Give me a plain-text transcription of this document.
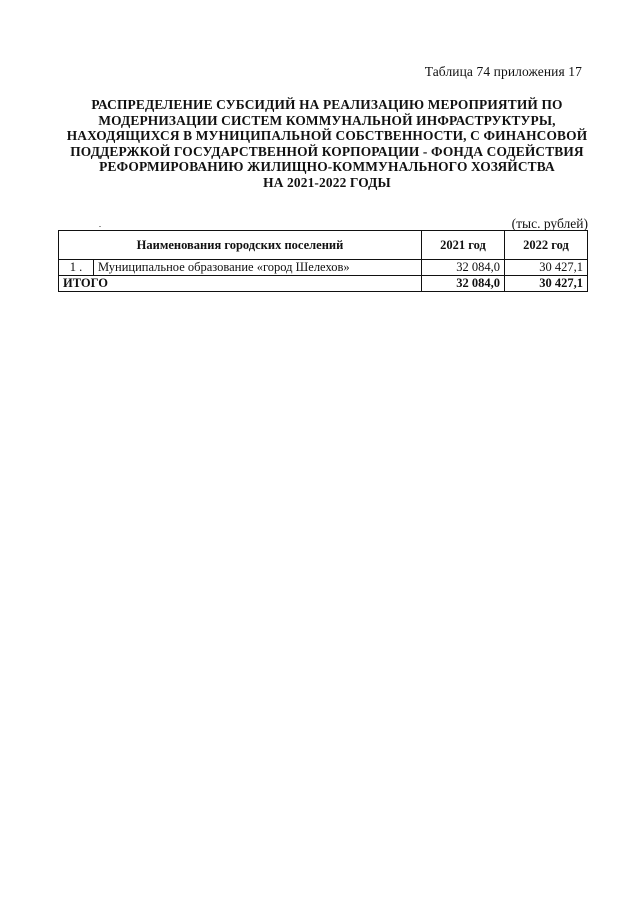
Таблица 74 приложения 17
РАСПРЕДЕЛЕНИЕ СУБСИДИЙ НА РЕАЛИЗАЦИЮ МЕРОПРИЯТИЙ ПО
МОДЕРНИЗАЦИИ СИСТЕМ КОММУНАЛЬНОЙ ИНФРАСТРУКТУРЫ,
НАХОДЯЩИХСЯ В МУНИЦИПАЛЬНОЙ СОБСТВЕННОСТИ, С ФИНАНСОВОЙ
ПОДДЕРЖКОЙ ГОСУДАРСТВЕННОЙ КОРПОРАЦИИ - ФОНДА СОДЕЙСТВИЯ
РЕФОРМИРОВАНИЮ ЖИЛИЩНО-КОММУНАЛЬНОГО ХОЗЯЙСТВА
НА 2021-2022 ГОДЫ
(тыс. рублей)
Наименования городских поселений		2021 год	2022 год
1 .	Муниципальное образование «город Шелехов»	32 084,0	30 427,1
ИТОГО		32 084,0	30 427,1
